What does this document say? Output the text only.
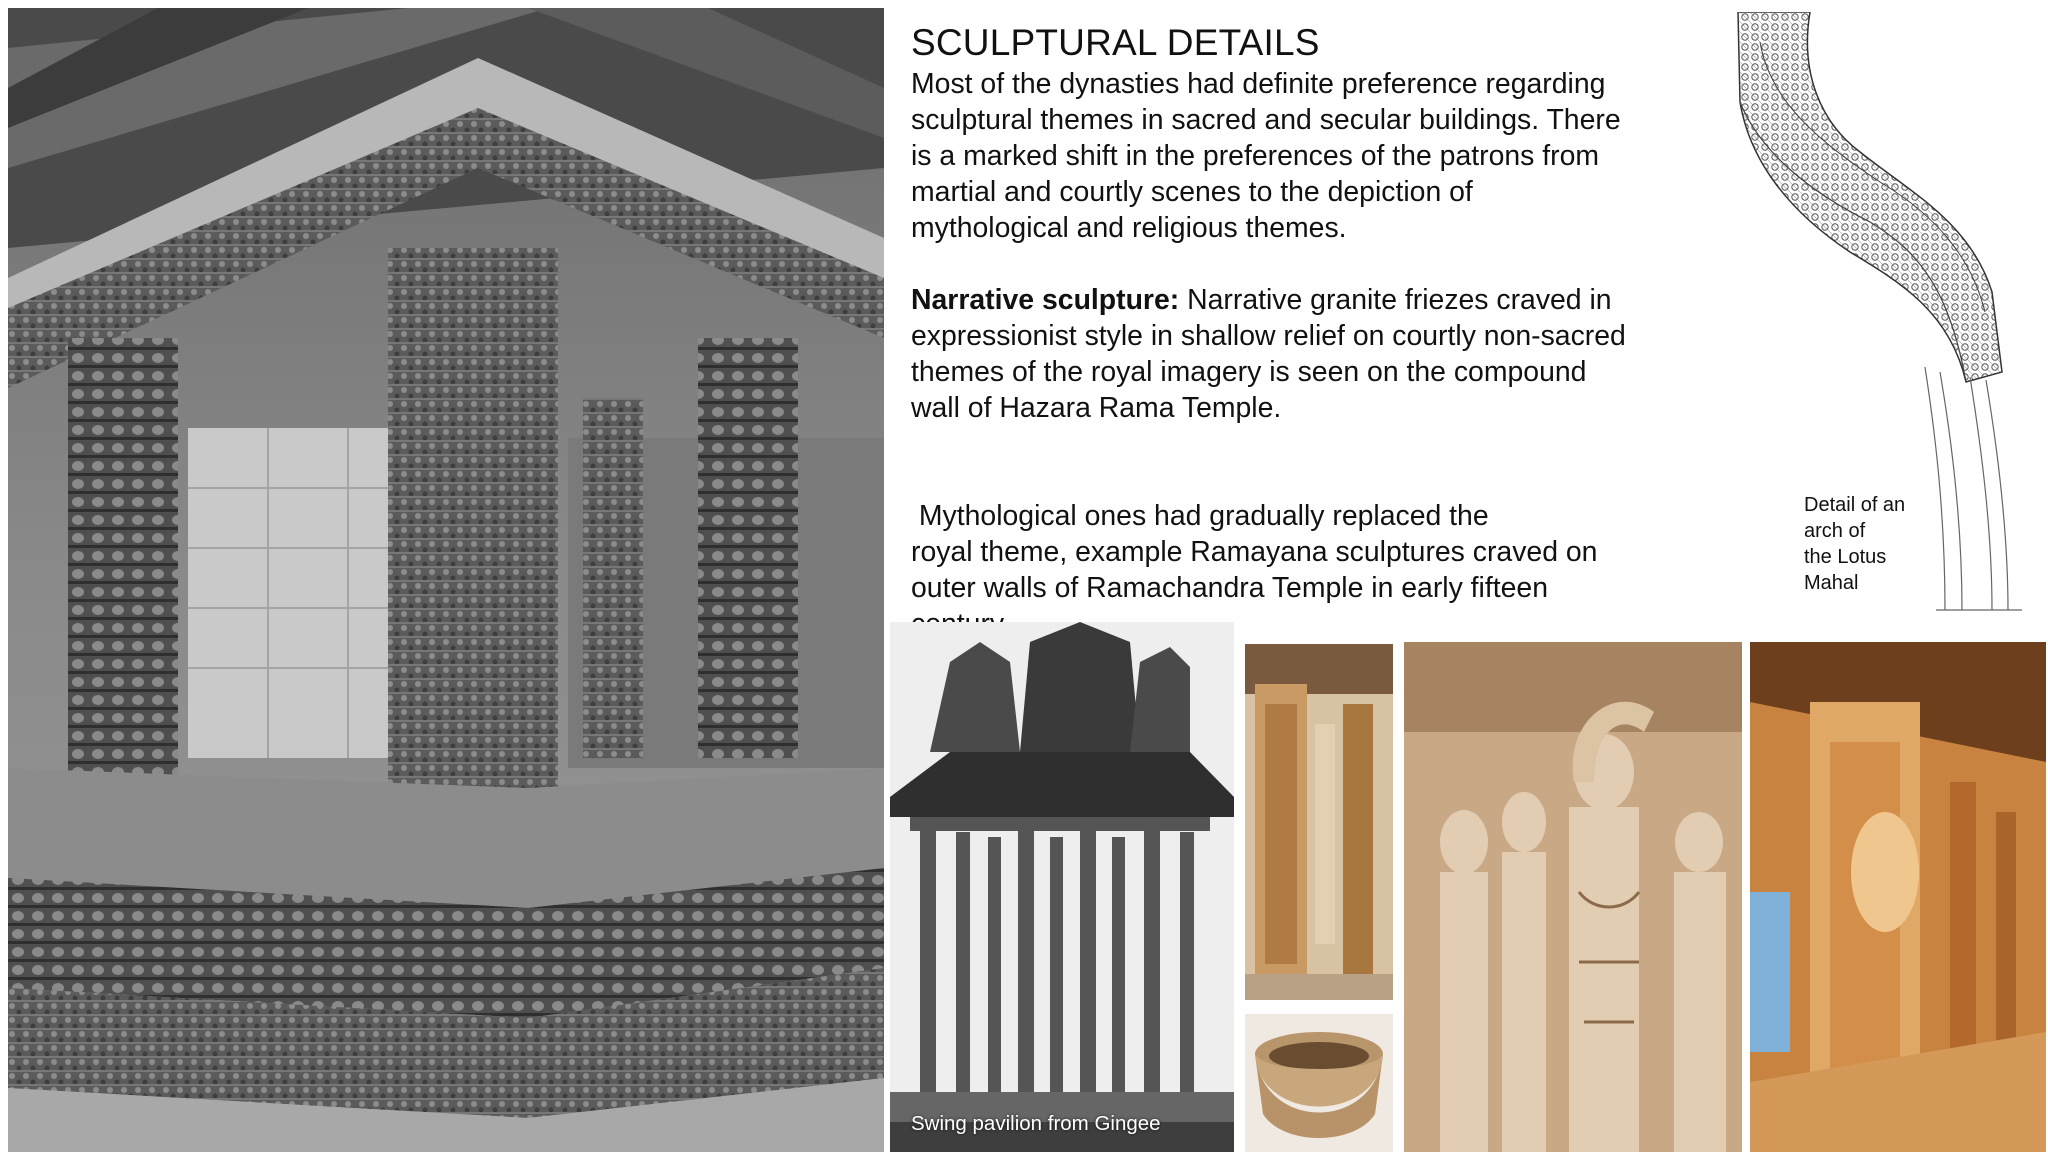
SCULPTURAL DETAILS

Most of the dynasties had definite preference regarding
sculptural themes in sacred and secular buildings. There
is a marked shift in the preferences of the patrons from
martial and courtly scenes to the depiction of
mythological and religious themes.

Narrative sculpture: Narrative granite friezes craved in
expressionist style in shallow relief on courtly non-sacred
themes of the royal imagery is seen on the compound
wall of Hazara Rama Temple.

Mythological ones had gradually replaced the
royal theme, example Ramayana sculptures craved on
outer walls of Ramachandra Temple in early fifteen

Detail of an
arch of
the Lotus
Mahal
Swing pavilion from Gingee
